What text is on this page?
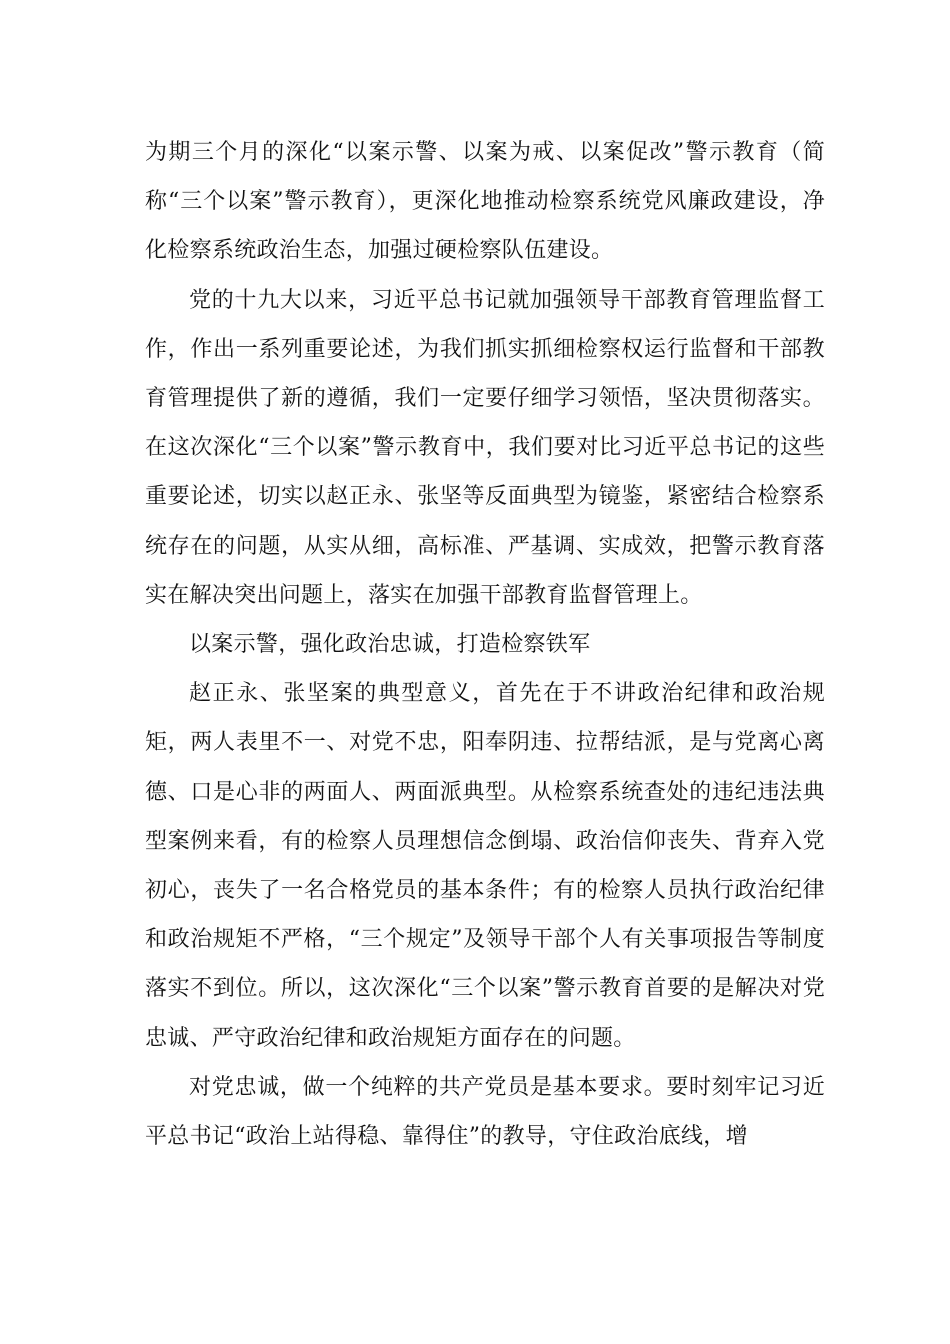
为期三个月的深化“以案示警、以案为戒、以案促改”警示教育（简称“三个以案”警示教育），更深化地推动检察系统党风廉政建设，净化检察系统政治生态，加强过硬检察队伍建设。

党的十九大以来，习近平总书记就加强领导干部教育管理监督工作，作出一系列重要论述，为我们抓实抓细检察权运行监督和干部教育管理提供了新的遵循，我们一定要仔细学习领悟，坚决贯彻落实。在这次深化“三个以案”警示教育中，我们要对比习近平总书记的这些重要论述，切实以赵正永、张坚等反面典型为镜鉴，紧密结合检察系统存在的问题，从实从细，高标准、严基调、实成效，把警示教育落实在解决突出问题上，落实在加强干部教育监督管理上。

以案示警，强化政治忠诚，打造检察铁军

赵正永、张坚案的典型意义，首先在于不讲政治纪律和政治规矩，两人表里不一、对党不忠，阳奉阴违、拉帮结派，是与党离心离德、口是心非的两面人、两面派典型。从检察系统查处的违纪违法典型案例来看，有的检察人员理想信念倒塌、政治信仰丧失、背弃入党初心，丧失了一名合格党员的基本条件；有的检察人员执行政治纪律和政治规矩不严格，“三个规定”及领导干部个人有关事项报告等制度落实不到位。所以，这次深化“三个以案”警示教育首要的是解决对党忠诚、严守政治纪律和政治规矩方面存在的问题。

对党忠诚，做一个纯粹的共产党员是基本要求。要时刻牢记习近平总书记“政治上站得稳、靠得住”的教导，守住政治底线，增
